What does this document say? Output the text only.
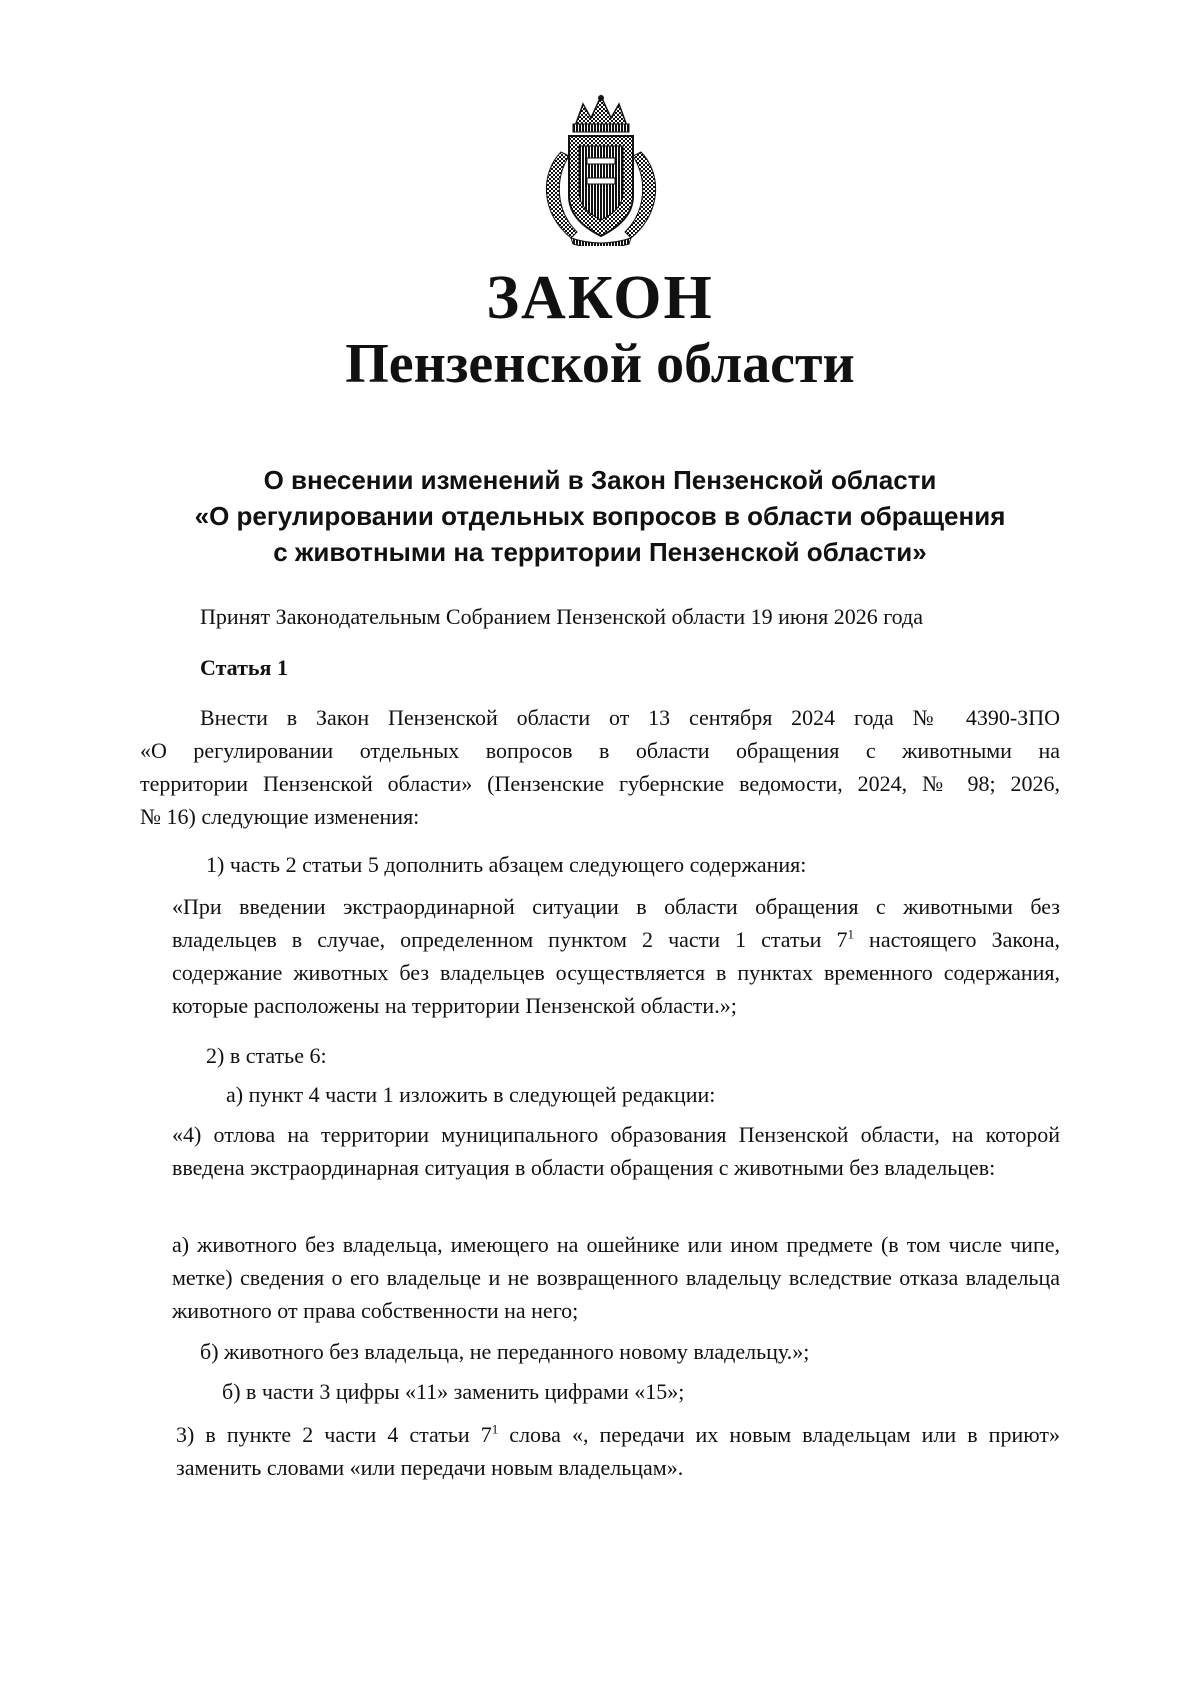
ЗАКОН
Пензенской области
О внесении изменений в Закон Пензенской области
«О регулировании отдельных вопросов в области обращения
с животными на территории Пензенской области»
Принят Законодательным Собранием Пензенской области 19 июня 2026 года
Статья 1
Внести в Закон Пензенской области от 13 сентября 2024 года № 4390-ЗПО
«О регулировании отдельных вопросов в области обращения с животными на
территории Пензенской области» (Пензенские губернские ведомости, 2024, № 98; 2026,
№ 16) следующие изменения:
1) часть 2 статьи 5 дополнить абзацем следующего содержания:
«При введении экстраординарной ситуации в области обращения с животными без владельцев в случае, определенном пунктом 2 части 1 статьи $7^1$ настоящего Закона, содержание животных без владельцев осуществляется в пунктах временного содержания, которые расположены на территории Пензенской области.»;
2) в статье 6:
а) пункт 4 части 1 изложить в следующей редакции:
«4) отлова на территории муниципального образования Пензенской области, на которой введена экстраординарная ситуация в области обращения с животными без владельцев:
а) животного без владельца, имеющего на ошейнике или ином предмете (в том числе чипе, метке) сведения о его владельце и не возвращенного владельцу вследствие отказа владельца животного от права собственности на него;
б) животного без владельца, не переданного новому владельцу.»;
б) в части 3 цифры «11» заменить цифрами «15»;
3) в пункте 2 части 4 статьи $7^1$ слова «, передачи их новым владельцам или в приют» заменить словами «или передачи новым владельцам».
